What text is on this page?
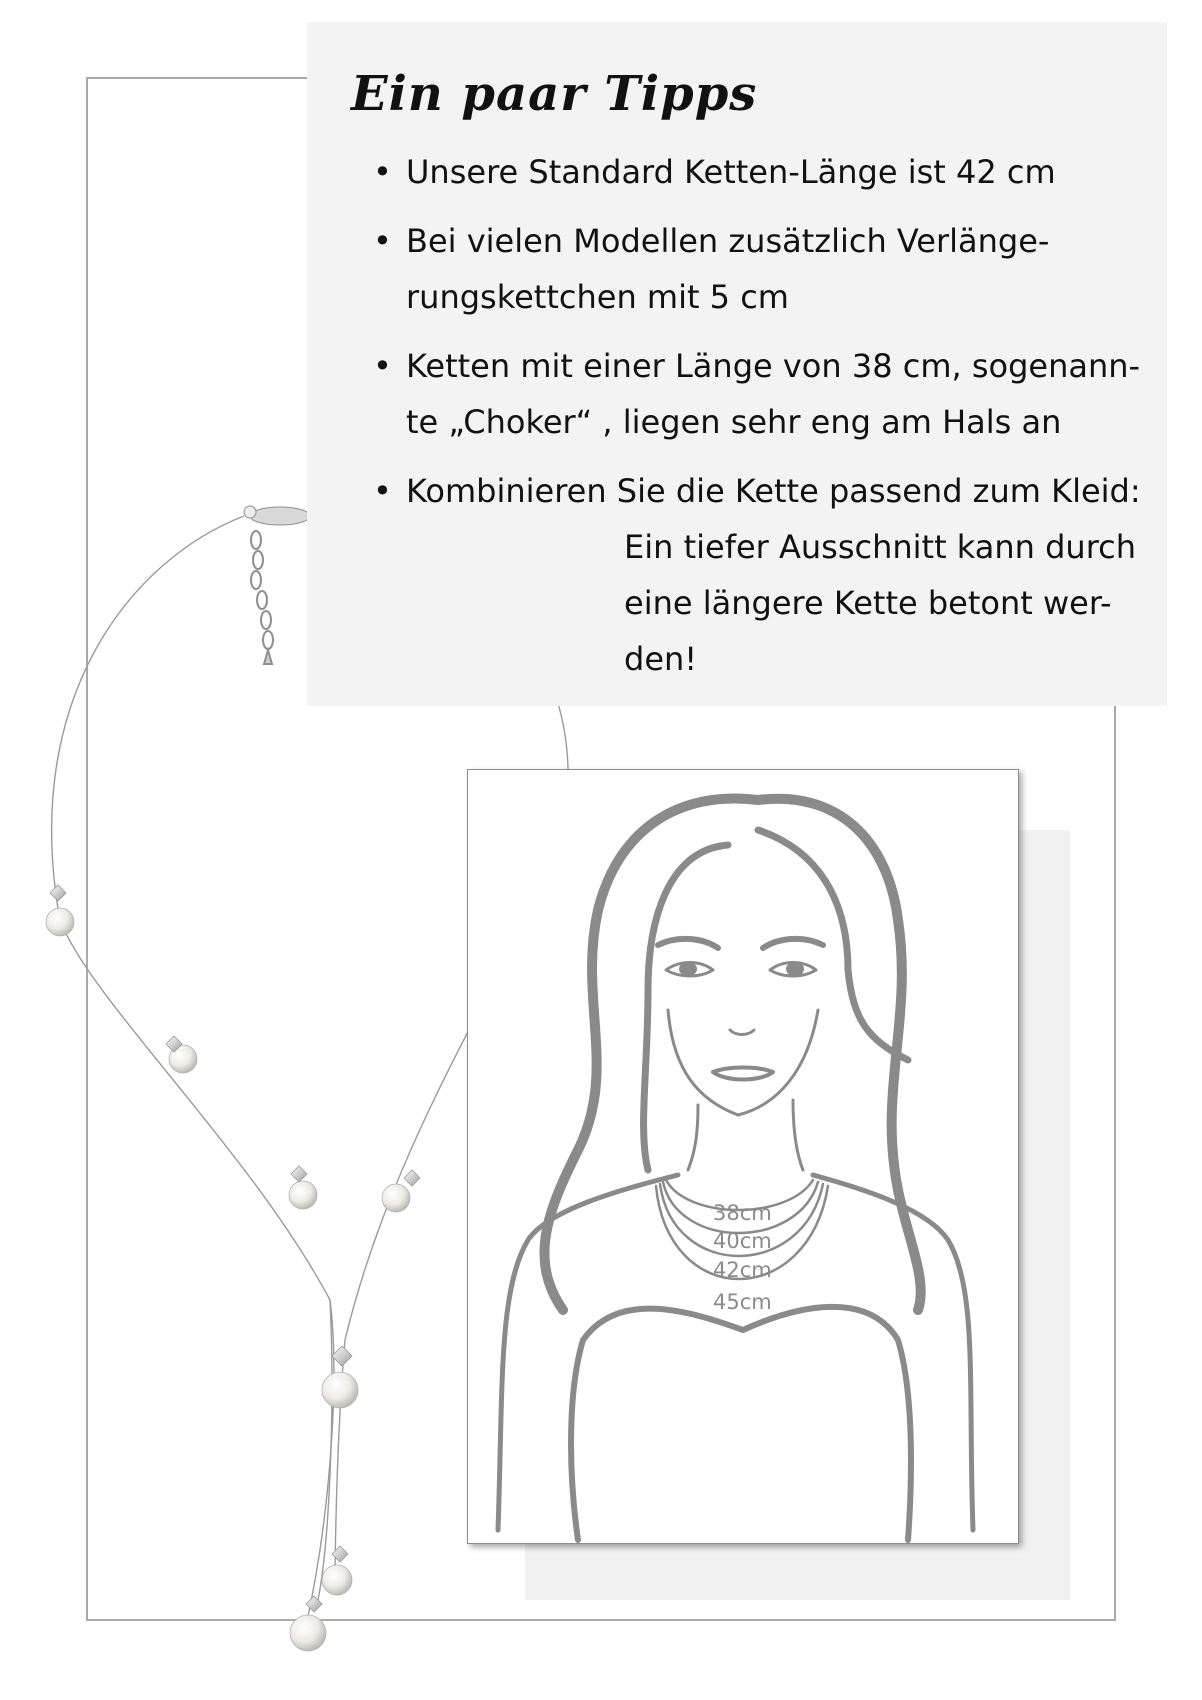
Ein paar Tipps
• Unsere Standard Ketten-Länge ist 42 cm
• Bei vielen Modellen zusätzlich Verlänge-
rungskettchen mit 5 cm
• Ketten mit einer Länge von 38 cm, sogenann-
te „Choker“ , liegen sehr eng am Hals an
• Kombinieren Sie die Kette passend zum Kleid:
Ein tiefer Ausschnitt kann durch
eine längere Kette betont wer-
den!
38cm
40cm
42cm
45cm
